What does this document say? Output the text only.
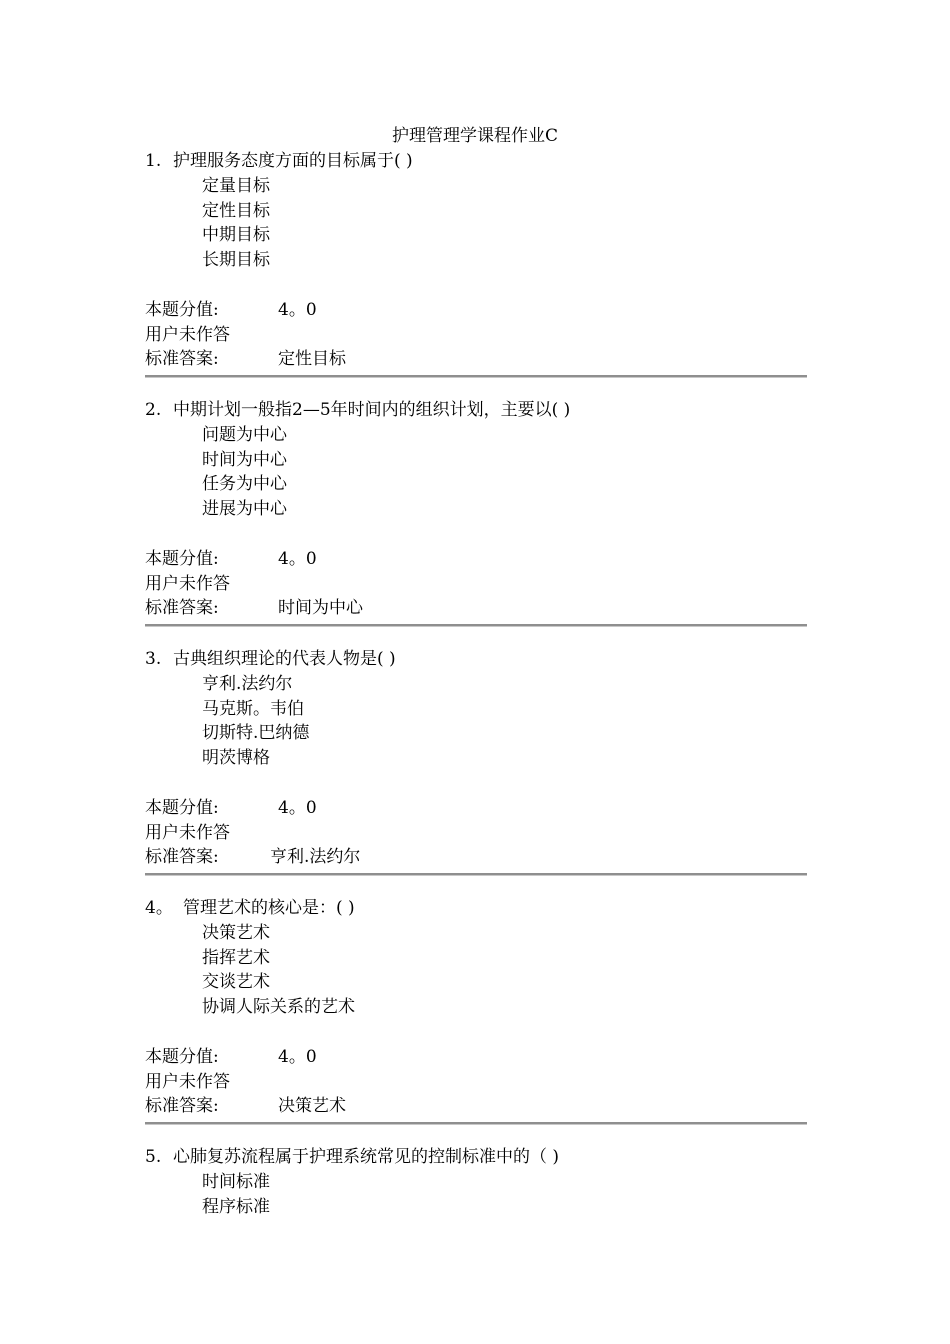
护理管理学课程作业C
1. 护理服务态度方面的目标属于( )
定量目标
定性目标
中期目标
长期目标
本题分值:	4。0
用户未作答
标准答案:	定性目标
2. 中期计划一般指2—5年时间内的组织计划，主要以( )
问题为中心
时间为中心
任务为中心
进展为中心
本题分值:	4。0
用户未作答
标准答案:	时间为中心
3. 古典组织理论的代表人物是( )
亨利.法约尔
马克斯。韦伯
切斯特.巴纳德
明茨博格
本题分值:	4。0
用户未作答
标准答案:	亨利.法约尔
4。 管理艺术的核心是：( )
决策艺术
指挥艺术
交谈艺术
协调人际关系的艺术
本题分值:	4。0
用户未作答
标准答案:	决策艺术
5. 心肺复苏流程属于护理系统常见的控制标准中的（ )
时间标准
程序标准
